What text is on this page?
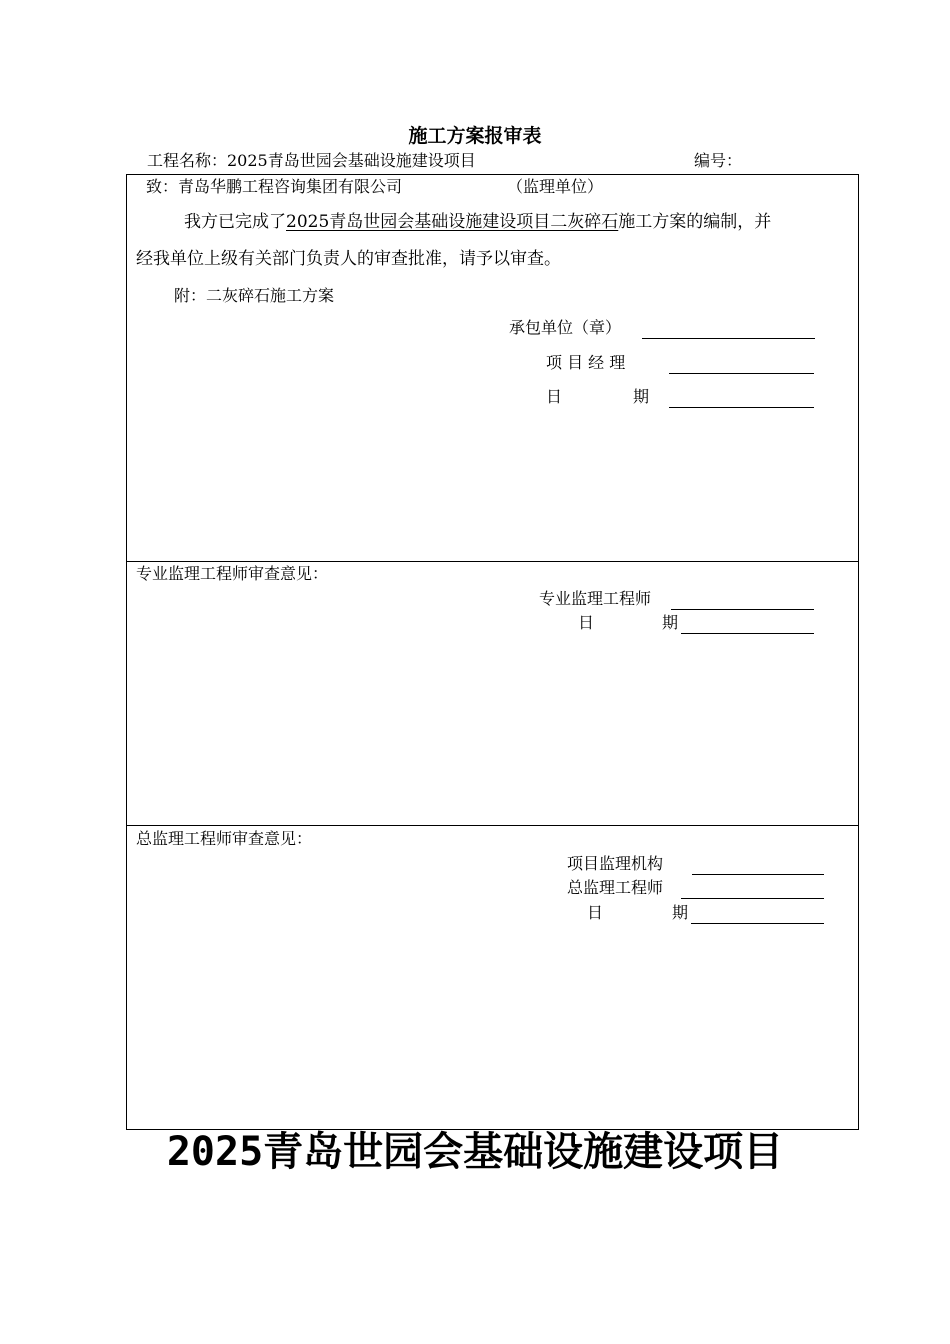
施工方案报审表
工程名称：2025青岛世园会基础设施建设项目	编号：
致：青岛华鹏工程咨询集团有限公司	（监理单位）
我方已完成了2025青岛世园会基础设施建设项目二灰碎石施工方案的编制，并
经我单位上级有关部门负责人的审查批准，请予以审查。
附：二灰碎石施工方案
承包单位（章）
项 目 经 理
日	期
专业监理工程师审查意见：
专业监理工程师
日	期
总监理工程师审查意见：
项目监理机构
总监理工程师
日	期
2025青岛世园会基础设施建设项目
